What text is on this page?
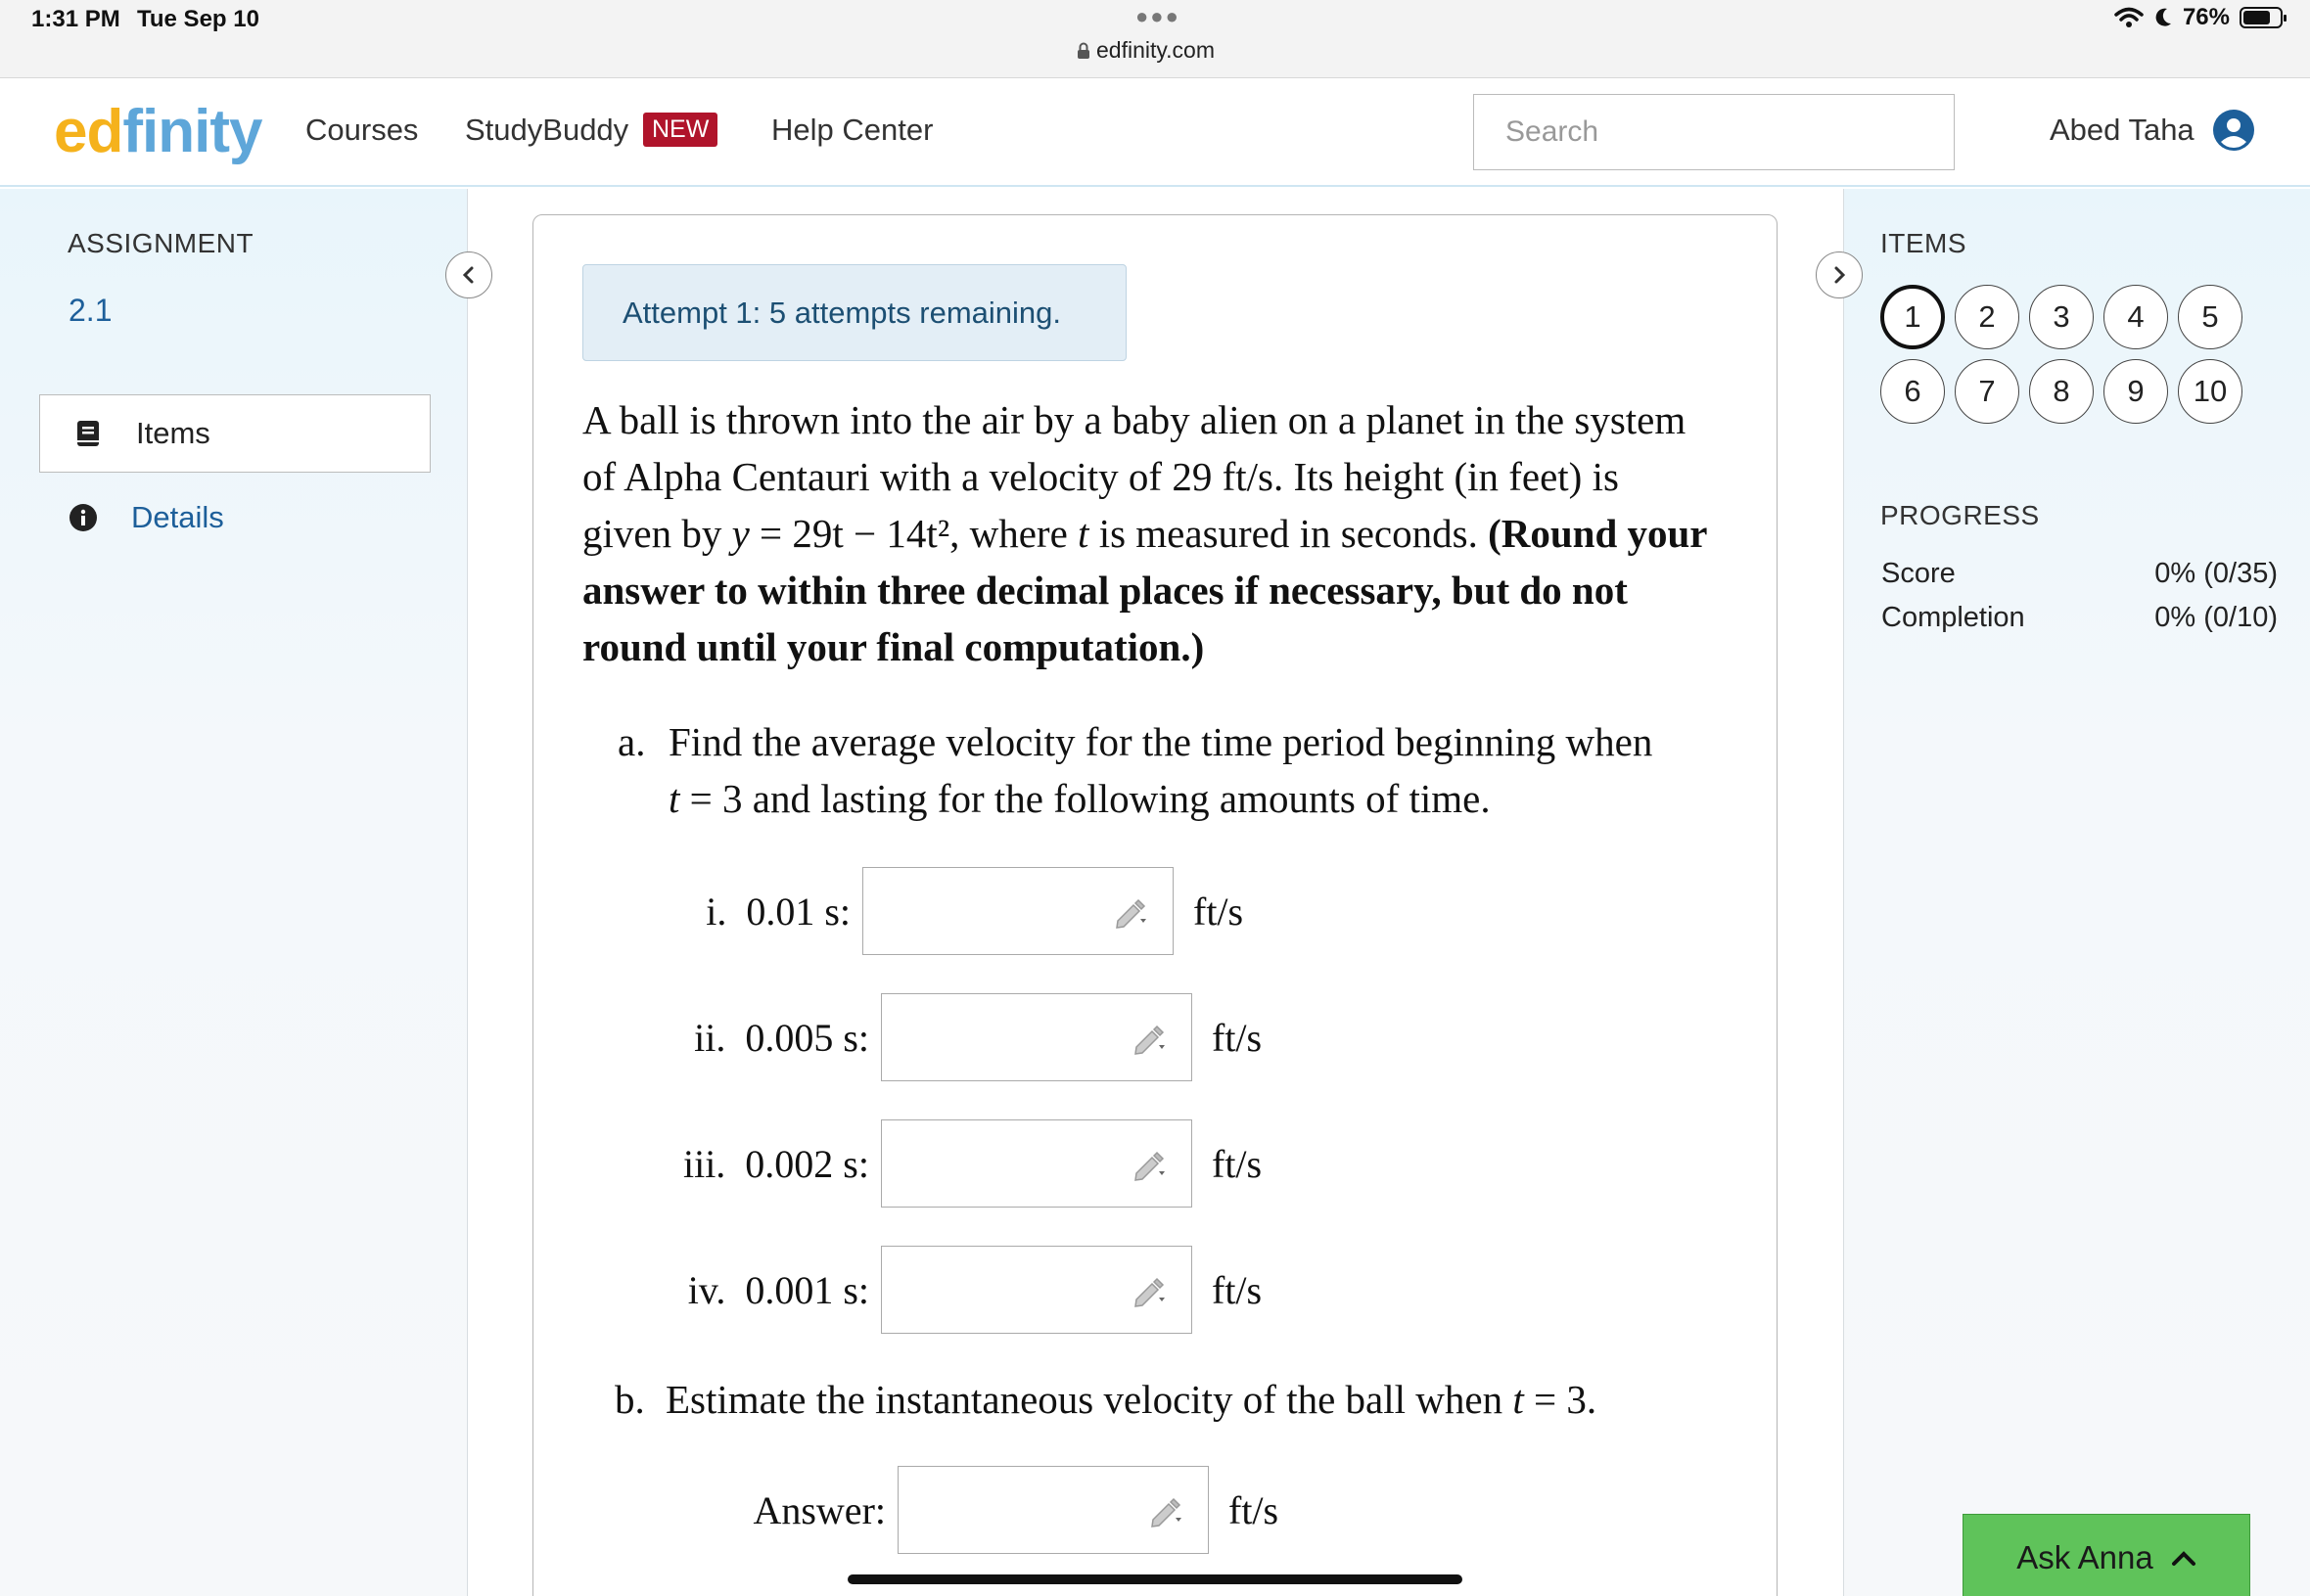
1:31 PM Tue Sep 10	●●●
edfinity.com
76%
edfinity Courses StudyBuddy NEW Help Center
Search	Abed Taha
ASSIGNMENT
2.1
Items
Details
ITEMS
1	2	3	4	5
6	7	8	9	10
PROGRESS
Score	0% (0/35)
Completion	0% (0/10)
Attempt 1: 5 attempts remaining.
A ball is thrown into the air by a baby alien on a planet in the system of Alpha Centauri with a velocity of 29 ft/s. Its height (in feet) is given by y = 29t − 14t², where t is measured in seconds. (Round your answer to within three decimal places if necessary, but do not round until your final computation.)
a. Find the average velocity for the time period beginning when
t = 3 and lasting for the following amounts of time.
i.  0.01 s:	ft/s
ii.  0.005 s:	ft/s
iii.  0.002 s:	ft/s
iv.  0.001 s:	ft/s
b. Estimate the instantaneous velocity of the ball when t = 3.
Answer:	ft/s
Ask Anna
